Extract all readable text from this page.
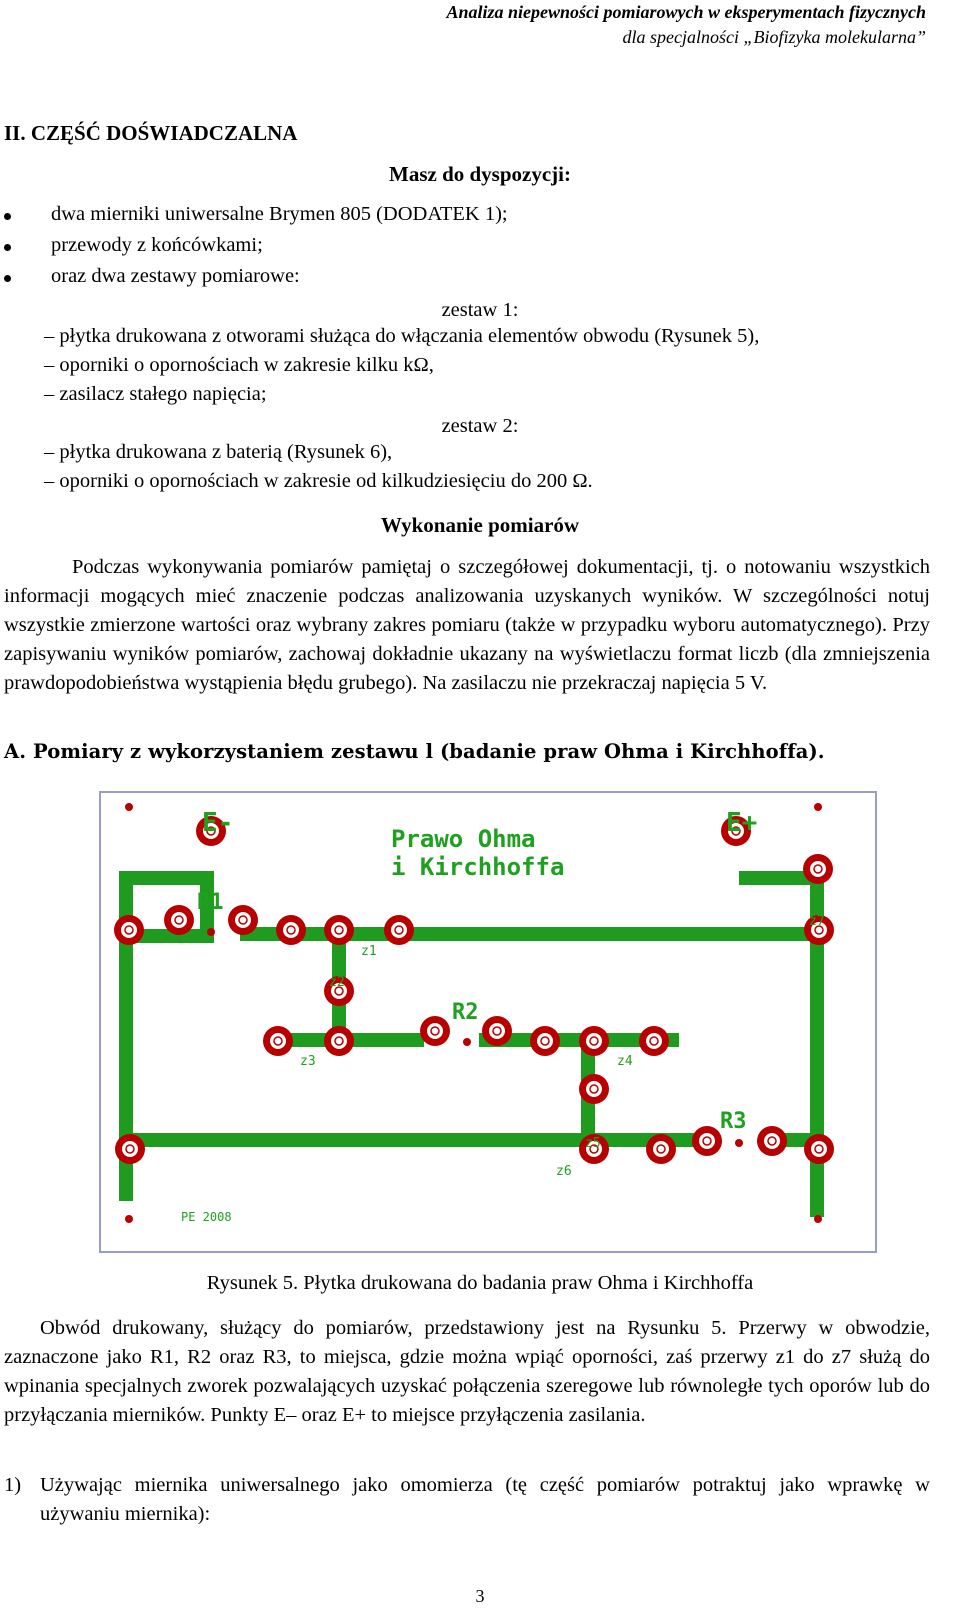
Analiza niepewności pomiarowych w eksperymentach fizycznych
dla specjalności „Biofizyka molekularna”
II. CZĘŚĆ DOŚWIADCZALNA
Masz do dyspozycji:
dwa mierniki uniwersalne Brymen 805 (DODATEK 1);
przewody z końcówkami;
oraz dwa zestawy pomiarowe:
zestaw 1:
– płytka drukowana z otworami służąca do włączania elementów obwodu (Rysunek 5),
– oporniki o opornościach w zakresie kilku kΩ,
– zasilacz stałego napięcia;
zestaw 2:
– płytka drukowana z baterią (Rysunek 6),
– oporniki o opornościach w zakresie od kilkudziesięciu do 200 Ω.
Wykonanie pomiarów
Podczas wykonywania pomiarów pamiętaj o szczegółowej dokumentacji, tj. o notowaniu wszystkich informacji mogących mieć znaczenie podczas analizowania uzyskanych wyników. W szczególności notuj wszystkie zmierzone wartości oraz wybrany zakres pomiaru (także w przypadku wyboru automatycznego). Przy zapisywaniu wyników pomiarów, zachowaj dokładnie ukazany na wyświetlaczu format liczb (dla zmniejszenia prawdopodobieństwa wystąpienia błędu grubego). Na zasilaczu nie przekraczaj napięcia 5 V.
A. Pomiary z wykorzystaniem zestawu l (badanie praw Ohma i Kirchhoffa).
E-	E+
Prawo Ohma
i Kirchhoffa
R1
R2
R3
z1
z2
z3	z4
z5
z6
z7
PE 2008
Rysunek 5. Płytka drukowana do badania praw Ohma i Kirchhoffa
Obwód drukowany, służący do pomiarów, przedstawiony jest na Rysunku 5. Przerwy w obwodzie, zaznaczone jako R1, R2 oraz R3, to miejsca, gdzie można wpiąć oporności, zaś przerwy z1 do z7 służą do wpinania specjalnych zworek pozwalających uzyskać połączenia szeregowe lub równoległe tych oporów lub do przyłączania mierników. Punkty E– oraz E+ to miejsce przyłączenia zasilania.
1) Używając miernika uniwersalnego jako omomierza (tę część pomiarów potraktuj jako wprawkę w używaniu miernika):
3
